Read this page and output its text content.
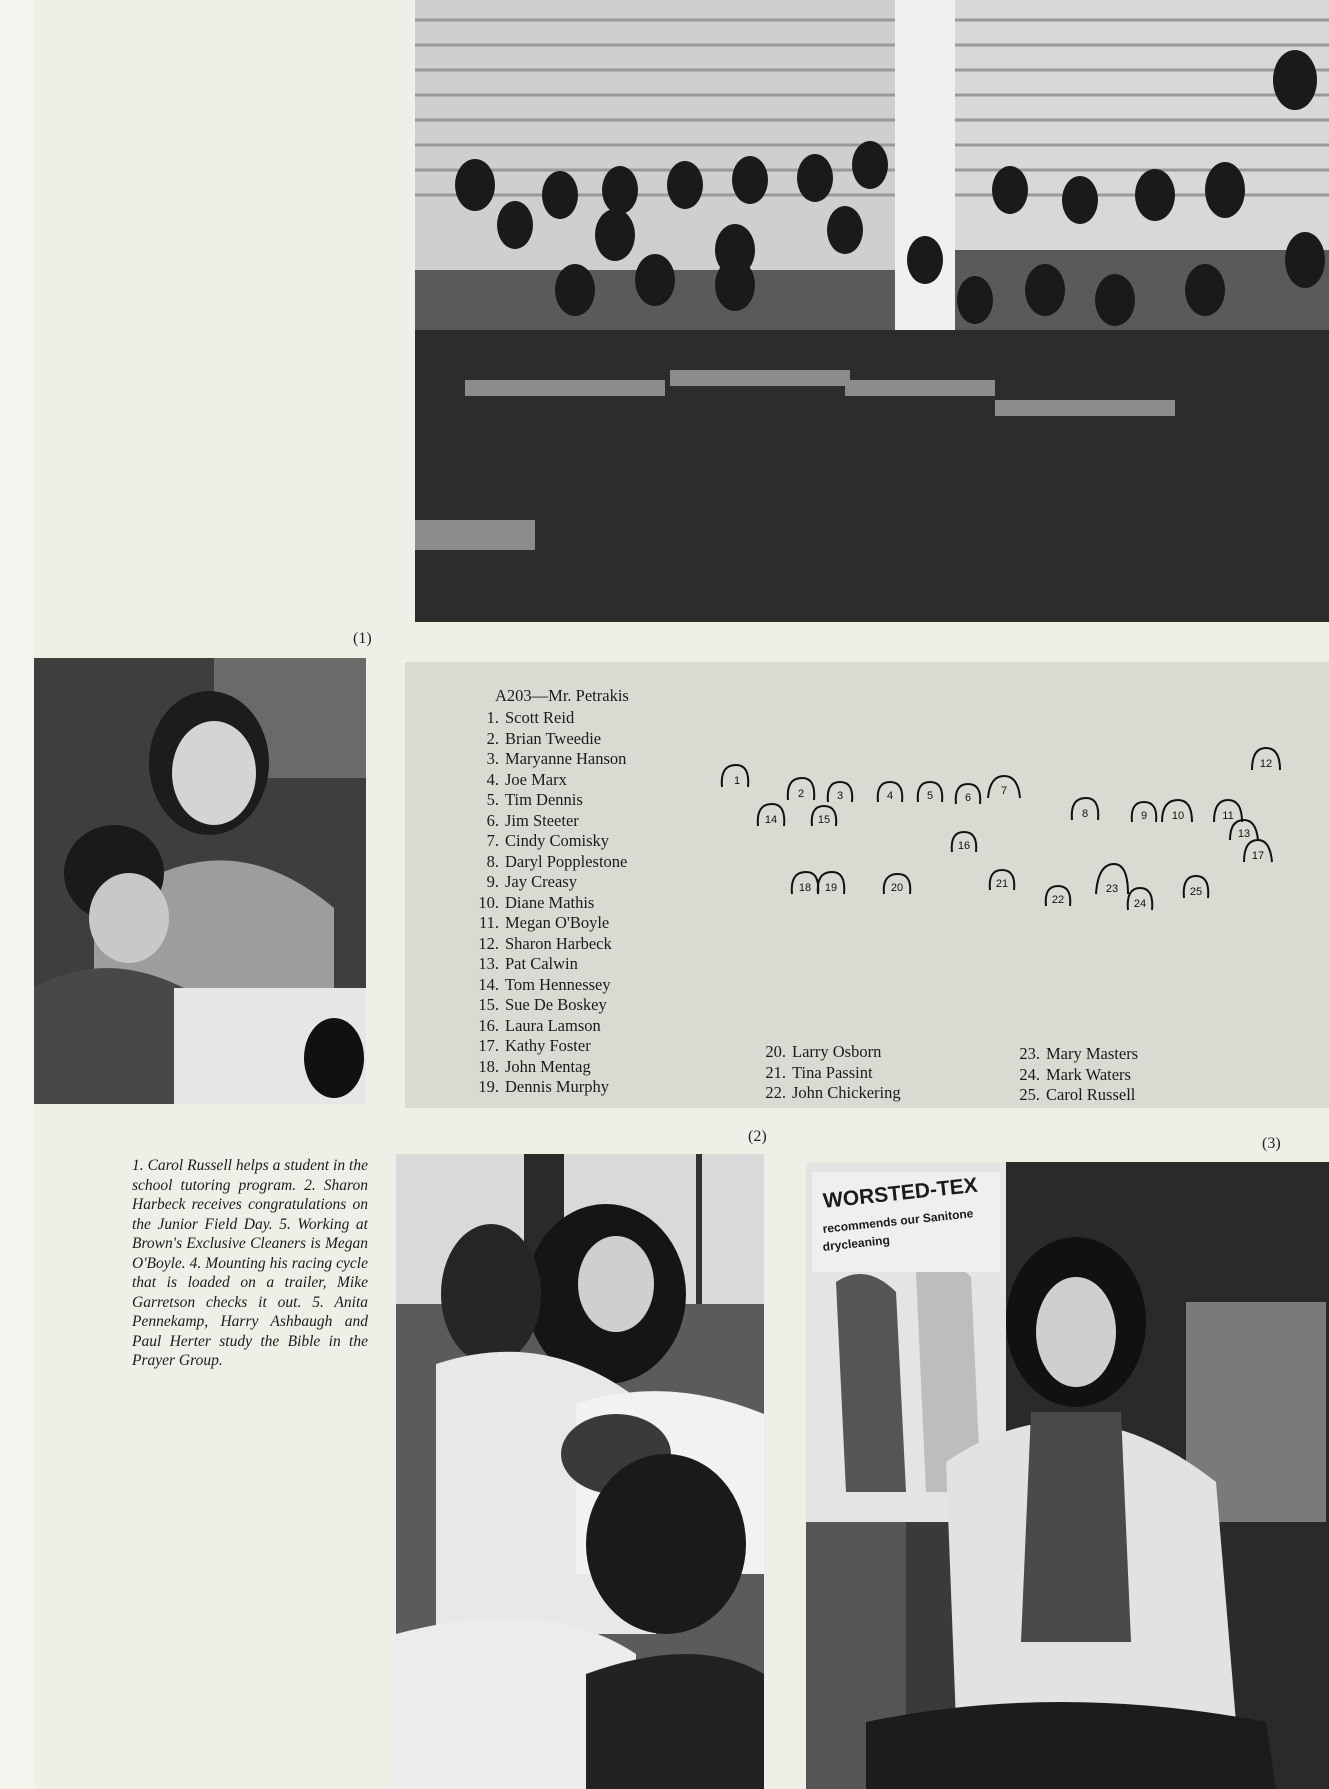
(1)
A203—Mr. Petrakis
1. Scott Reid
2. Brian Tweedie
3. Maryanne Hanson
4. Joe Marx
5. Tim Dennis
6. Jim Steeter
7. Cindy Comisky
8. Daryl Popplestone
9. Jay Creasy
10. Diane Mathis
11. Megan O'Boyle
12. Sharon Harbeck
13. Pat Calwin
14. Tom Hennessey
15. Sue De Boskey
16. Laura Lamson
17. Kathy Foster
18. John Mentag
19. Dennis Murphy
20. Larry Osborn
21. Tina Passint
22. John Chickering
23. Mary Masters
24. Mark Waters
25. Carol Russell
1
2	3	4	5	6
7
8	9 10	11
12
13
14	15
16
17
18 19	20	21
22
23
24
25
(2)	(3)
1. Carol Russell helps a student in the school tutoring program. 2. Sharon Harbeck receives congratulations on the Junior Field Day. 5. Working at Brown's Exclusive Cleaners is Megan O'Boyle. 4. Mounting his racing cycle that is loaded on a trailer, Mike Garretson checks it out. 5. Anita Pennekamp, Harry Ashbaugh and Paul Herter study the Bible in the Prayer Group.
WORSTED-TEX
recommends our Sanitone
drycleaning
